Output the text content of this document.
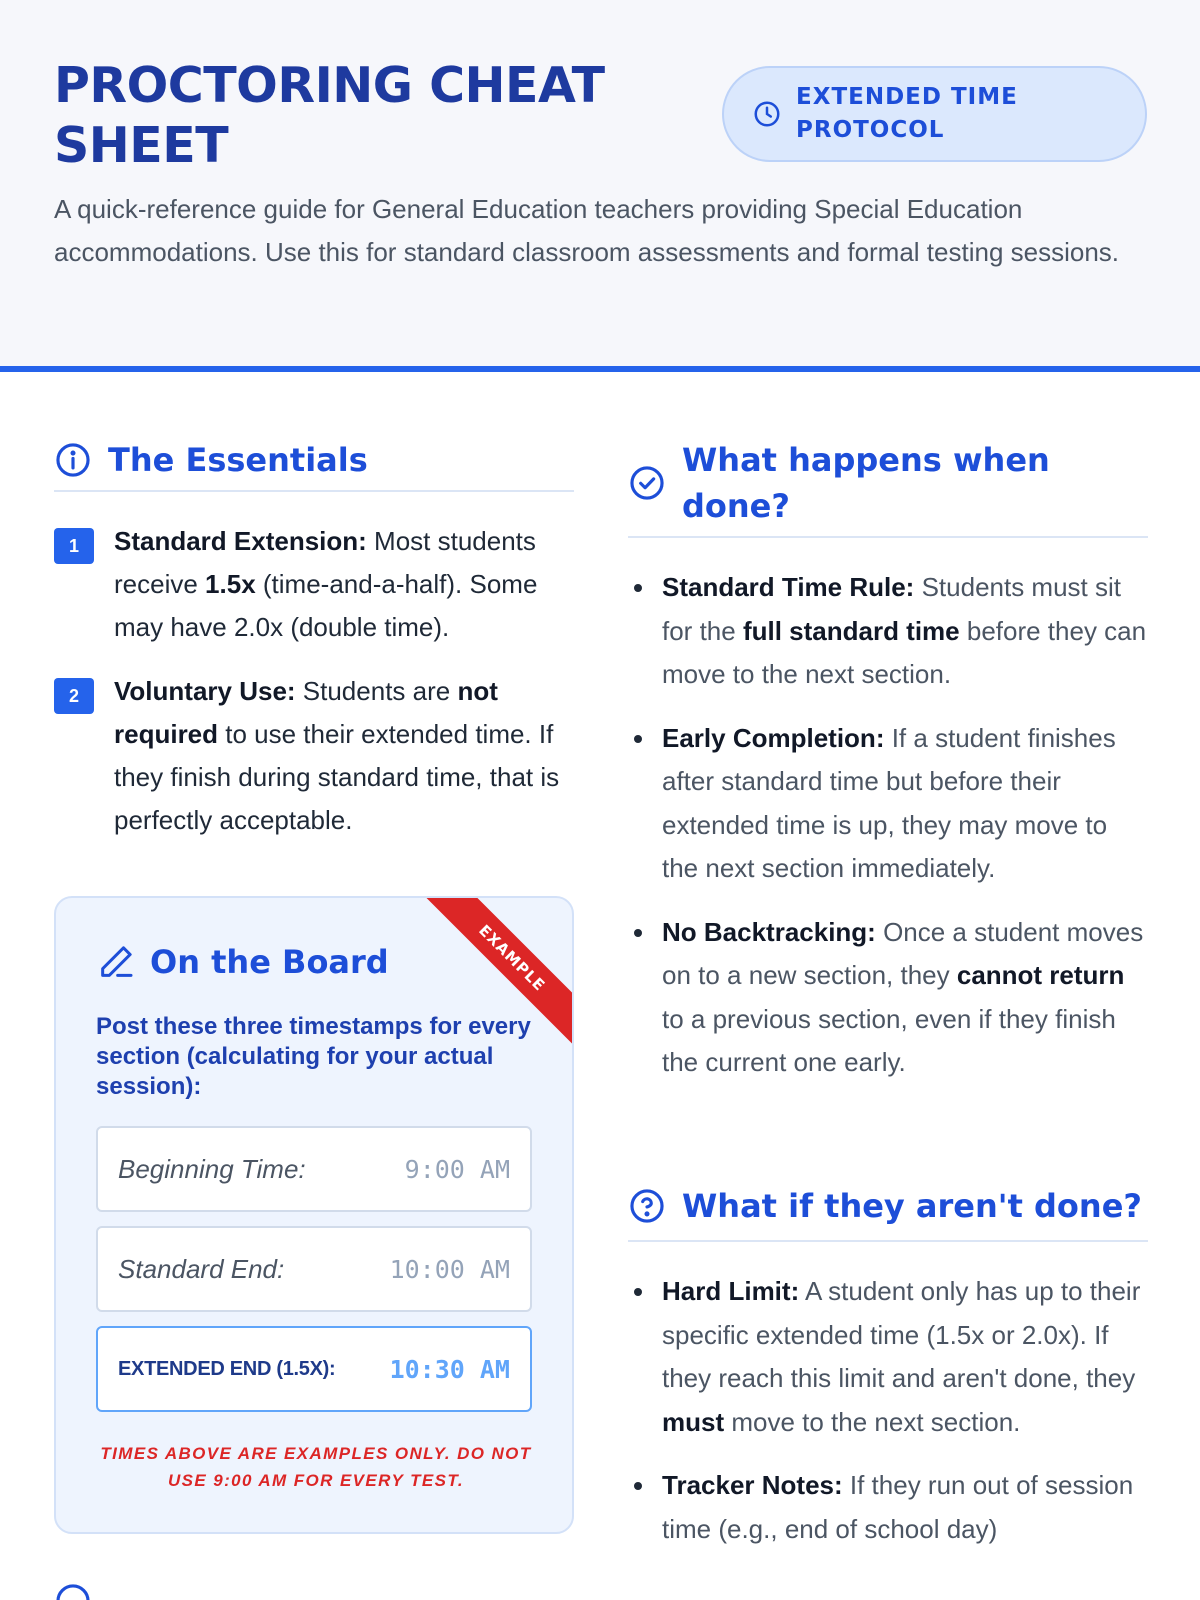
PROCTORING CHEAT SHEET
EXTENDED TIME PROTOCOL

A quick-reference guide for General Education teachers providing Special Education accommodations. Use this for standard classroom assessments and formal testing sessions.

The Essentials
1	Standard Extension: Most students receive 1.5x (time-and-a-half). Some may have 2.0x (double time).

2	Voluntary Use: Students are not required to use their extended time. If they finish during standard time, that is perfectly acceptable.

EXAMPLE
On the Board

Post these three timestamps for every section (calculating for your actual session):

Beginning Time:	9:00 AM
Standard End:	10:00 AM
EXTENDED END (1.5X): 10:30 AM

TIMES ABOVE ARE EXAMPLES ONLY. DO NOT USE 9:00 AM FOR EVERY TEST.

What happens when done?
Standard Time Rule: Students must sit for the full standard time before they can move to the next section.
Early Completion: If a student finishes after standard time but before their extended time is up, they may move to the next section immediately.
No Backtracking: Once a student moves on to a new section, they cannot return to a previous section, even if they finish the current one early.
What if they aren't done?
Hard Limit: A student only has up to their specific extended time (1.5x or 2.0x). If they reach this limit and aren't done, they must move to the next section.
Tracker Notes: If they run out of session time (e.g., end of school day)
